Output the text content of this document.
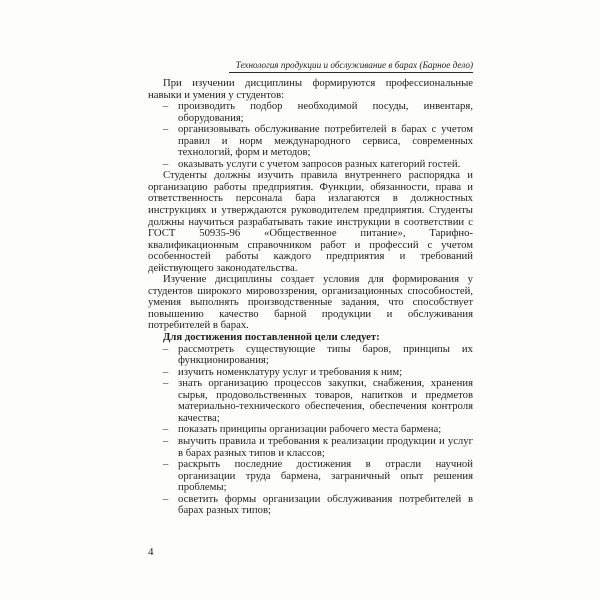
Технология продукции и обслуживание в барах (Барное дело)

При изучении дисциплины формируются профессиональные навыки и умения у студентов:

– производить подбор необходимой посуды, инвентаря, оборудования;
– организовывать обслуживание потребителей в барах с учетом правил и норм международного сервиса, современных технологий, форм и методов;
– оказывать услуги с учетом запросов разных категорий гостей.

Студенты должны изучить правила внутреннего распорядка и организацию работы предприятия. Функции, обязанности, права и ответственность персонала бара излагаются в должностных инструкциях и утверждаются руководителем предприятия. Студенты должны научиться разрабатывать такие инструкции в соответствии с ГОСТ 50935-96 «Общественное питание», Тарифно-квалификационным справочником работ и профессий с учетом особенностей работы каждого предприятия и требований действующего законодательства.

Изучение дисциплины создает условия для формирования у студентов широкого мировоззрения, организационных способностей, умения выполнять производственные задания, что способствует повышению качество барной продукции и обслуживания потребителей в барах.

Для достижения поставленной цели следует:

– рассмотреть существующие типы баров, принципы их функционирования;
– изучить номенклатуру услуг и требования к ним;
– знать организацию процессов закупки, снабжения, хранения сырья, продовольственных товаров, напитков и предметов материально-технического обеспечения, обеспечения контроля качества;
– показать принципы организации рабочего места бармена;
– выучить правила и требования к реализации продукции и услуг в барах разных типов и классов;
– раскрыть последние достижения в отрасли научной организации труда бармена, заграничный опыт решения проблемы;
– осветить формы организации обслуживания потребителей в барах разных типов;
4
